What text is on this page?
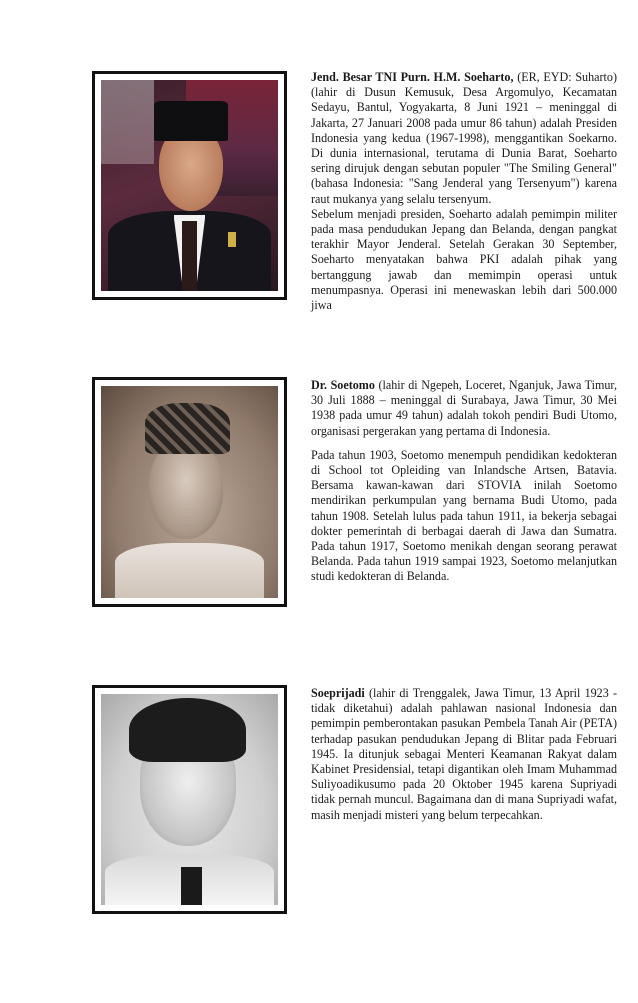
Jend. Besar TNI Purn. H.M. Soeharto, (ER, EYD: Suharto) (lahir di Dusun Kemusuk, Desa Argomulyo, Kecamatan Sedayu, Bantul, Yogyakarta, 8 Juni 1921 – meninggal di Jakarta, 27 Januari 2008 pada umur 86 tahun) adalah Presiden Indonesia yang kedua (1967-1998), menggantikan Soekarno. Di dunia internasional, terutama di Dunia Barat, Soeharto sering dirujuk dengan sebutan populer "The Smiling General" (bahasa Indonesia: "Sang Jenderal yang Tersenyum") karena raut mukanya yang selalu tersenyum.

Sebelum menjadi presiden, Soeharto adalah pemimpin militer pada masa pendudukan Jepang dan Belanda, dengan pangkat terakhir Mayor Jenderal. Setelah Gerakan 30 September, Soeharto menyatakan bahwa PKI adalah pihak yang bertanggung jawab dan memimpin operasi untuk menumpasnya. Operasi ini menewaskan lebih dari 500.000 jiwa

Dr. Soetomo (lahir di Ngepeh, Loceret, Nganjuk, Jawa Timur, 30 Juli 1888 – meninggal di Surabaya, Jawa Timur, 30 Mei 1938 pada umur 49 tahun) adalah tokoh pendiri Budi Utomo, organisasi pergerakan yang pertama di Indonesia.

Pada tahun 1903, Soetomo menempuh pendidikan kedokteran di School tot Opleiding van Inlandsche Artsen, Batavia. Bersama kawan-kawan dari STOVIA inilah Soetomo mendirikan perkumpulan yang bernama Budi Utomo, pada tahun 1908. Setelah lulus pada tahun 1911, ia bekerja sebagai dokter pemerintah di berbagai daerah di Jawa dan Sumatra. Pada tahun 1917, Soetomo menikah dengan seorang perawat Belanda. Pada tahun 1919 sampai 1923, Soetomo melanjutkan studi kedokteran di Belanda.

Soeprijadi (lahir di Trenggalek, Jawa Timur, 13 April 1923 - tidak diketahui) adalah pahlawan nasional Indonesia dan pemimpin pemberontakan pasukan Pembela Tanah Air (PETA) terhadap pasukan pendudukan Jepang di Blitar pada Februari 1945. Ia ditunjuk sebagai Menteri Keamanan Rakyat dalam Kabinet Presidensial, tetapi digantikan oleh Imam Muhammad Suliyoadikusumo pada 20 Oktober 1945 karena Supriyadi tidak pernah muncul. Bagaimana dan di mana Supriyadi wafat, masih menjadi misteri yang belum terpecahkan.
